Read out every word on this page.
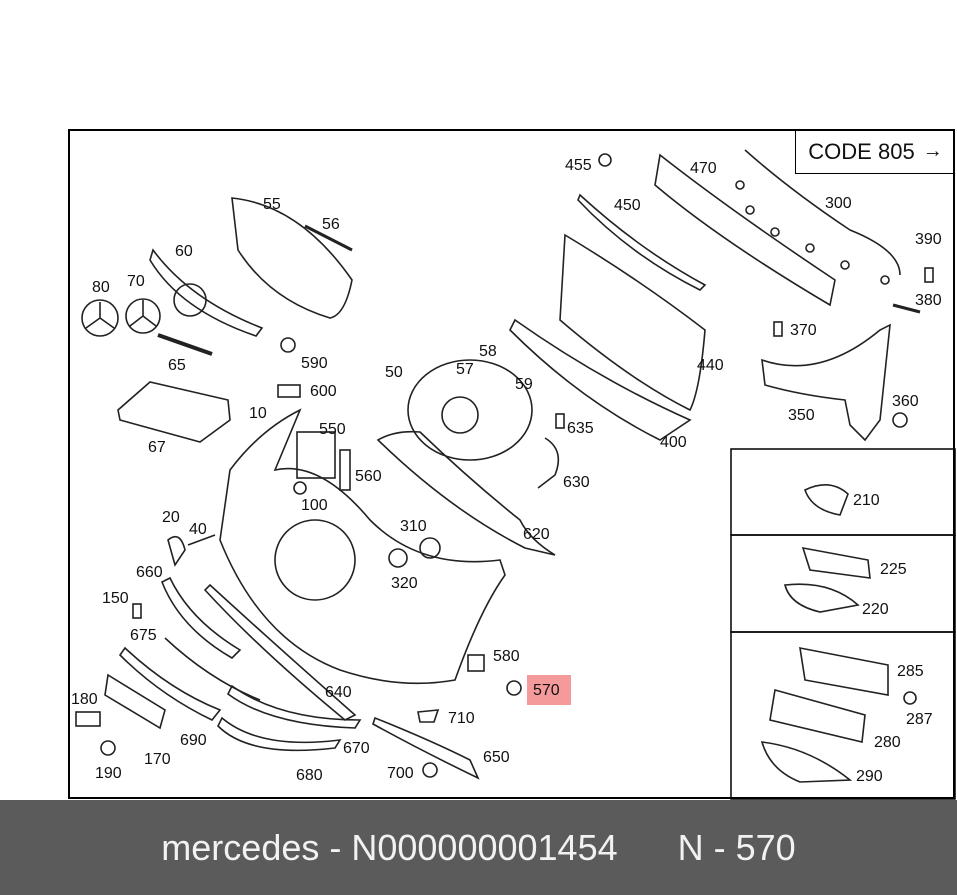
455	470
450	300
390
380
370
350
360
440
400
635
630
620
58
57
59
50
55
56
60
80 70
65	590
600
67
10
550
560
100
310
320
20
40
660
150
675
580
570
710
640
180
690	670
650
190
170
680	700
210
225
220
285
287
280
290
CODE 805 →
mercedes - N000000001454
N - 570
